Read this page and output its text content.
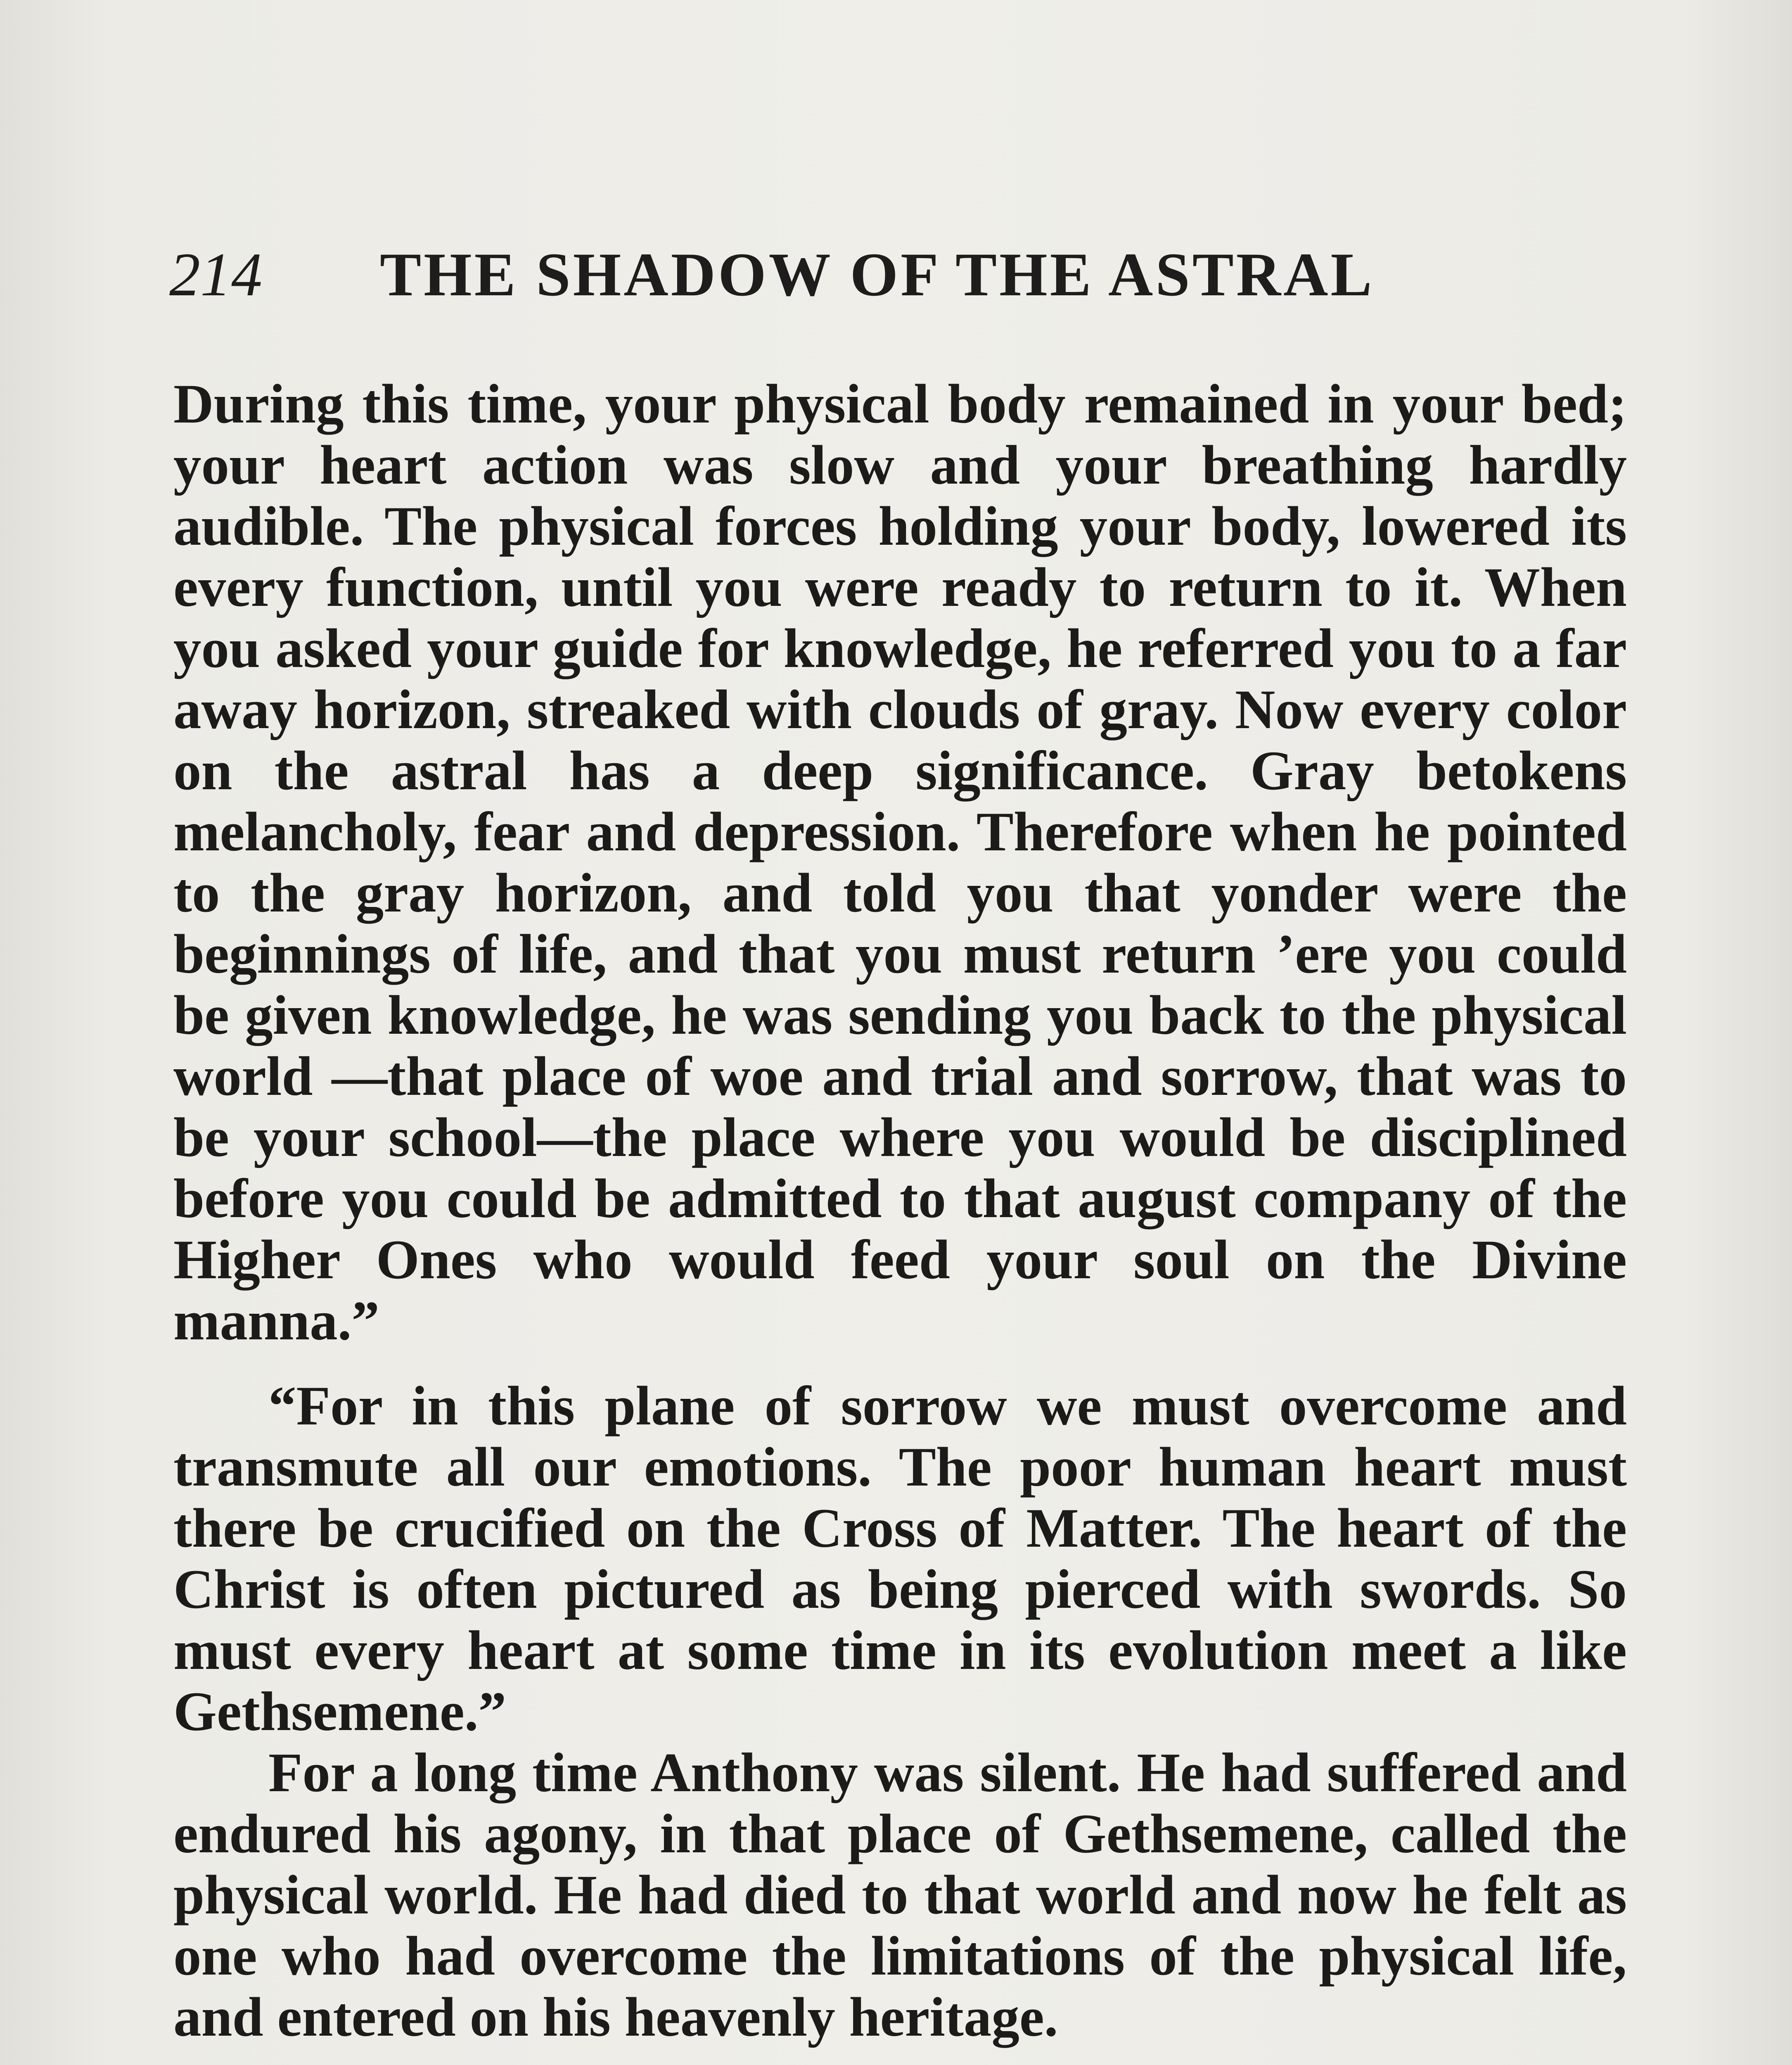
214 THE SHADOW OF THE ASTRAL

During this time, your physical body remained in your bed; your heart action was slow and your breathing hardly audible. The physical forces holding your body, lowered its every function, until you were ready to return to it. When you asked your guide for knowledge, he referred you to a far away horizon, streaked with clouds of gray. Now every color on the astral has a deep significance. Gray betokens melancholy, fear and depression. Therefore when he pointed to the gray horizon, and told you that yonder were the beginnings of life, and that you must return ’ere you could be given knowledge, he was sending you back to the physical world —that place of woe and trial and sorrow, that was to be your school—the place where you would be disciplined before you could be admitted to that august company of the Higher Ones who would feed your soul on the Divine manna.”

“For in this plane of sorrow we must overcome and transmute all our emotions. The poor human heart must there be crucified on the Cross of Matter. The heart of the Christ is often pictured as being pierced with swords. So must every heart at some time in its evolution meet a like Gethsemene.”

For a long time Anthony was silent. He had suffered and endured his agony, in that place of Gethsemene, called the physical world. He had died to that world and now he felt as one who had overcome the limitations of the physical life, and entered on his heavenly heritage.
